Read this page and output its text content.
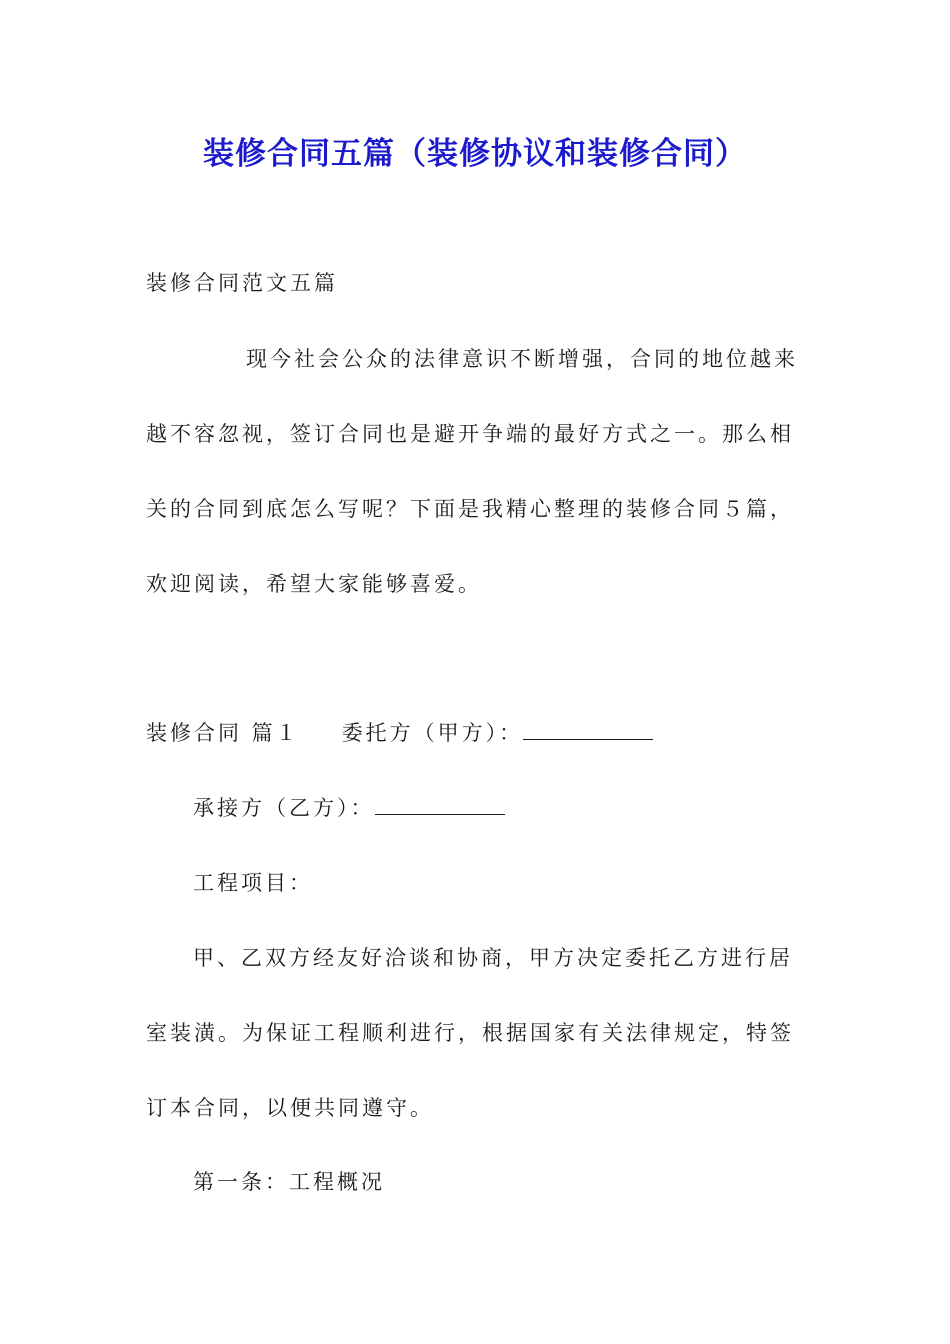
装修合同五篇（装修协议和装修合同）
装修合同范文五篇
现今社会公众的法律意识不断增强，合同的地位越来
越不容忽视，签订合同也是避开争端的最好方式之一。那么相
关的合同到底怎么写呢？下面是我精心整理的装修合同５篇，
欢迎阅读，希望大家能够喜爱。
装修合同 篇１ 委托方（甲方）：
承接方（乙方）：
工程项目：
甲、乙双方经友好洽谈和协商，甲方决定委托乙方进行居
室装潢。为保证工程顺利进行，根据国家有关法律规定，特签
订本合同，以便共同遵守。
第一条：工程概况
